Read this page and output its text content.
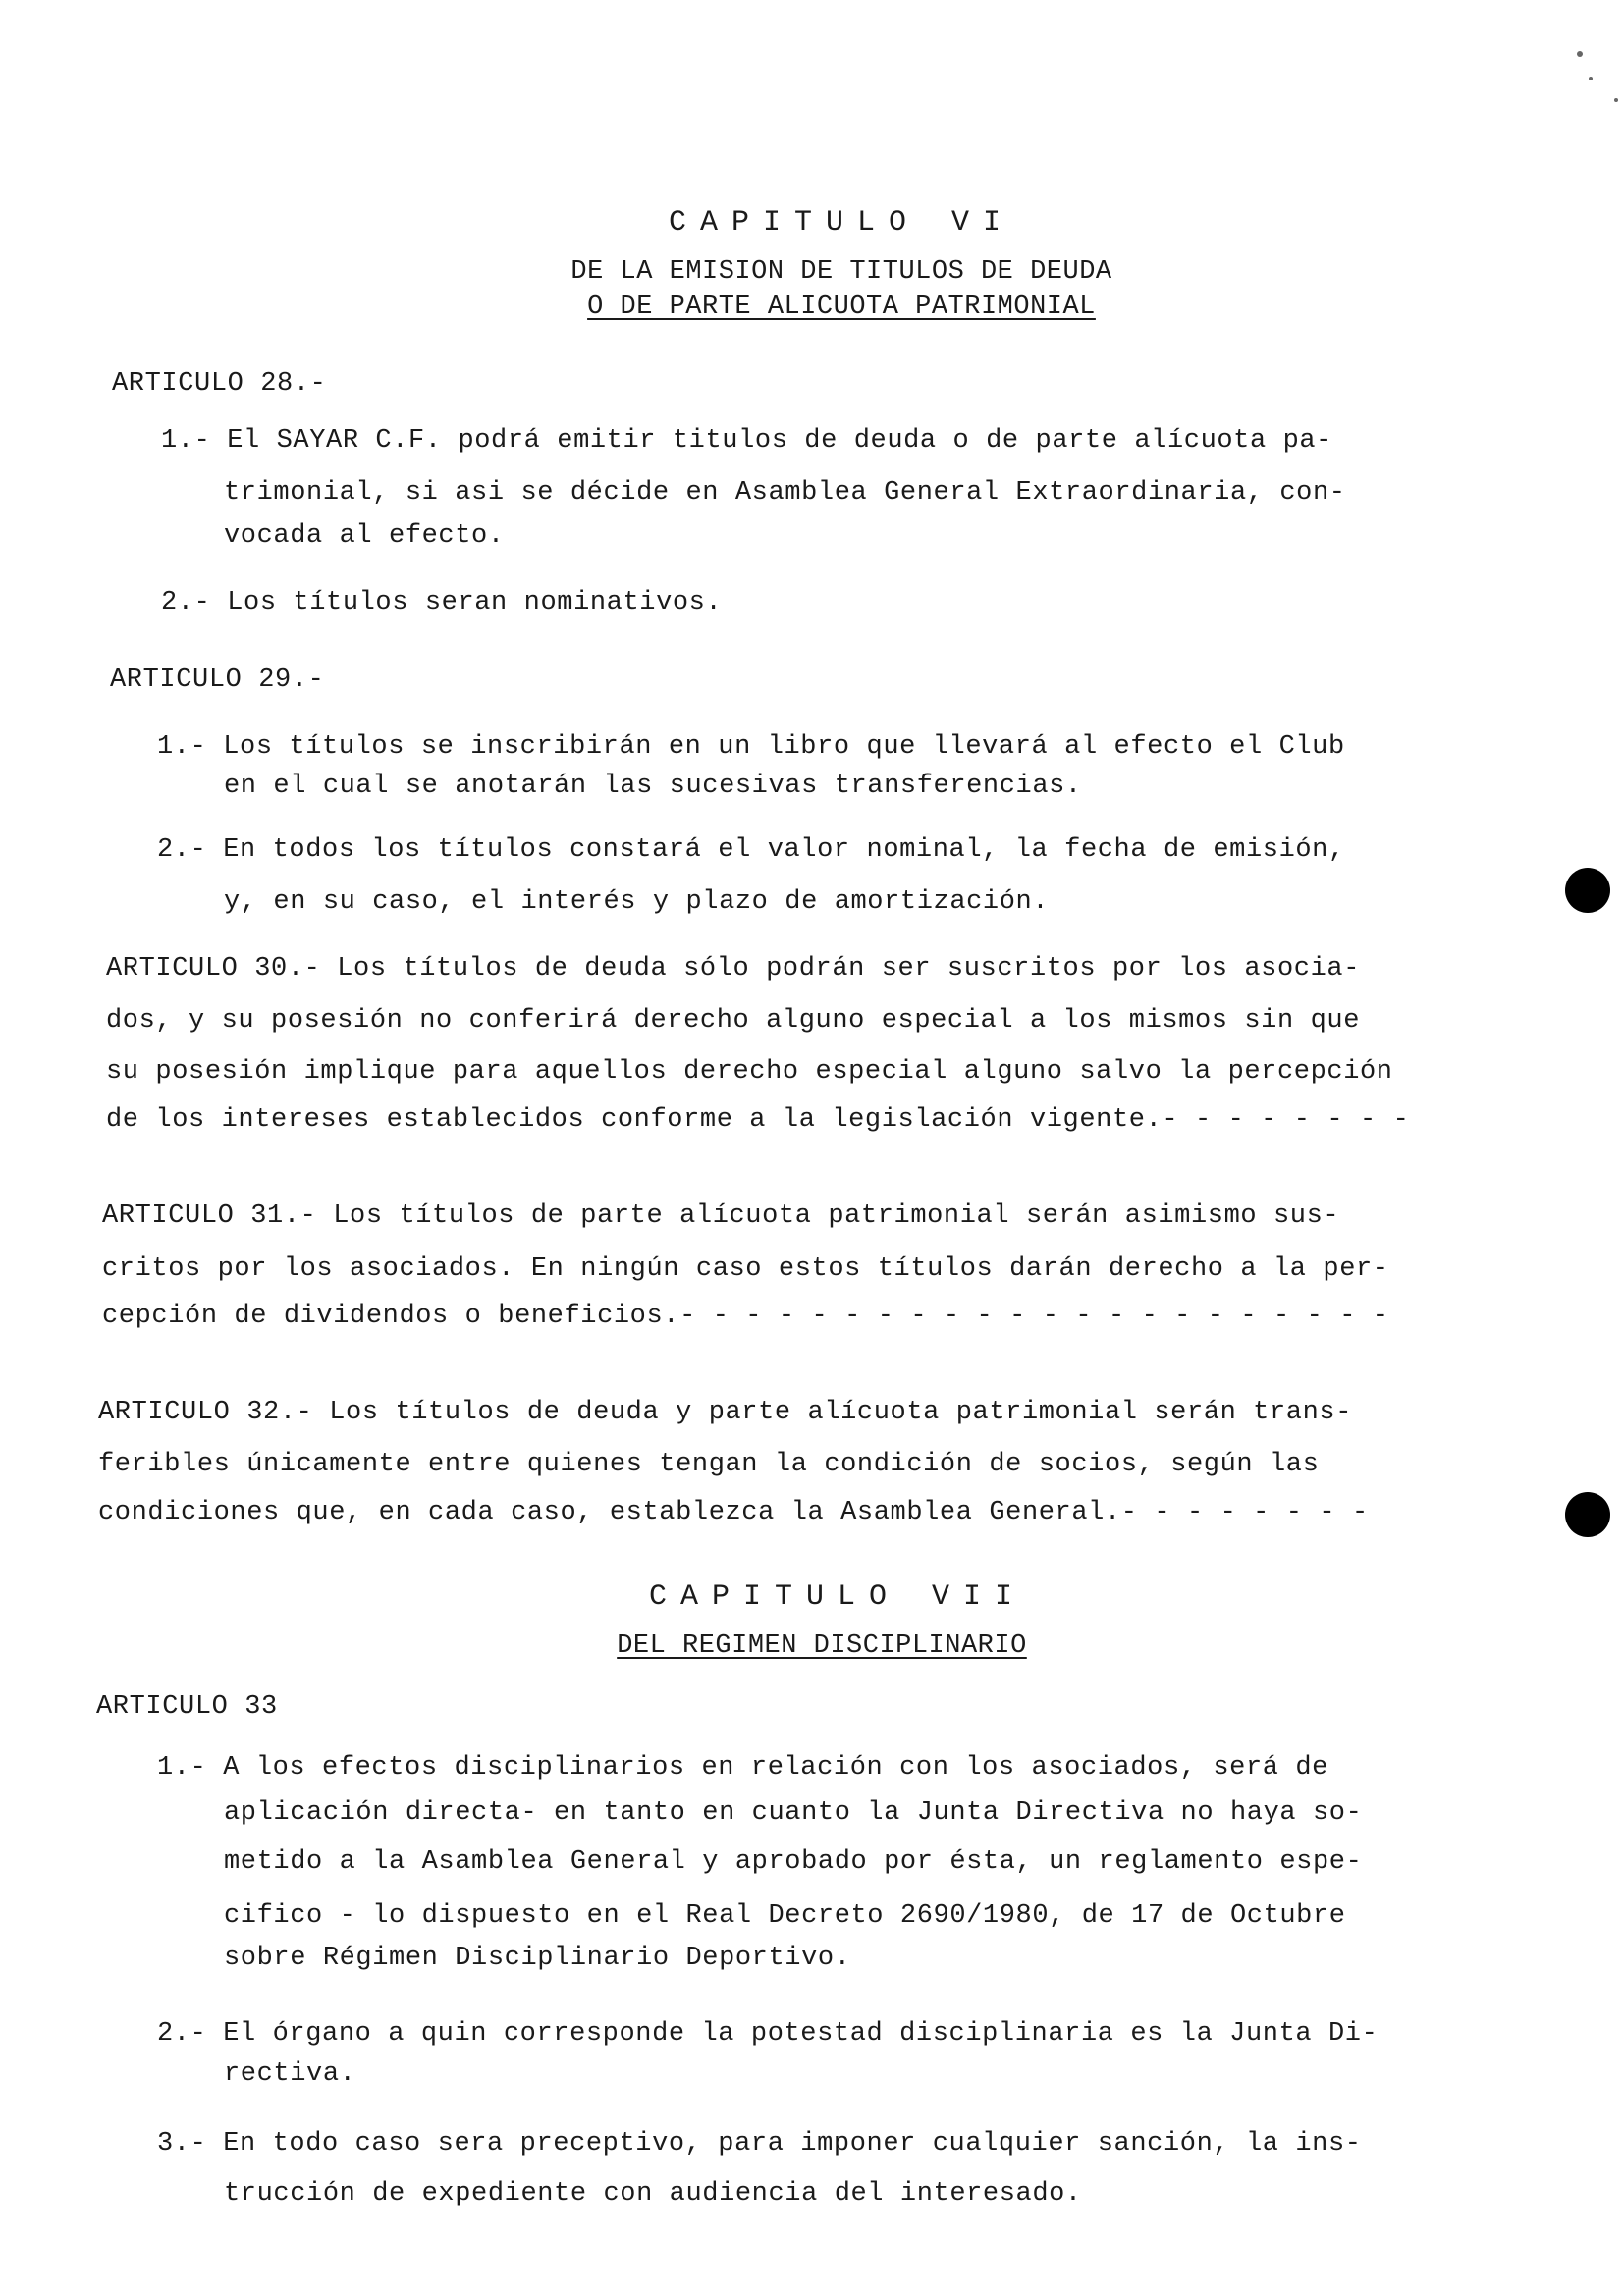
CAPITULO VI
DE LA EMISION DE TITULOS DE DEUDA
O DE PARTE ALICUOTA PATRIMONIAL
ARTICULO 28.-
1.- El SAYAR C.F. podrá emitir titulos de deuda o de parte alícuota pa-
trimonial, si asi se décide en Asamblea General Extraordinaria, con-
vocada al efecto.
2.- Los títulos seran nominativos.
ARTICULO 29.-
1.- Los títulos se inscribirán en un libro que llevará al efecto el Club
en el cual se anotarán las sucesivas transferencias.
2.- En todos los títulos constará el valor nominal, la fecha de emisión,
y, en su caso, el interés y plazo de amortización.
ARTICULO 30.- Los títulos de deuda sólo podrán ser suscritos por los asocia-
dos, y su posesión no conferirá derecho alguno especial a los mismos sin que
su posesión implique para aquellos derecho especial alguno salvo la percepción
de los intereses establecidos conforme a la legislación vigente.- - - - - - - -
ARTICULO 31.- Los títulos de parte alícuota patrimonial serán asimismo sus-
critos por los asociados. En ningún caso estos títulos darán derecho a la per-
cepción de dividendos o beneficios.- - - - - - - - - - - - - - - - - - - - - -
ARTICULO 32.- Los títulos de deuda y parte alícuota patrimonial serán trans-
feribles únicamente entre quienes tengan la condición de socios, según las
condiciones que, en cada caso, establezca la Asamblea General.- - - - - - - -
CAPITULO VII
DEL REGIMEN DISCIPLINARIO
ARTICULO 33
1.- A los efectos disciplinarios en relación con los asociados, será de
aplicación directa- en tanto en cuanto la Junta Directiva no haya so-
metido a la Asamblea General y aprobado por ésta, un reglamento espe-
cifico - lo dispuesto en el Real Decreto 2690/1980, de 17 de Octubre
sobre Régimen Disciplinario Deportivo.
2.- El órgano a quin corresponde la potestad disciplinaria es la Junta Di-
rectiva.
3.- En todo caso sera preceptivo, para imponer cualquier sanción, la ins-
trucción de expediente con audiencia del interesado.
